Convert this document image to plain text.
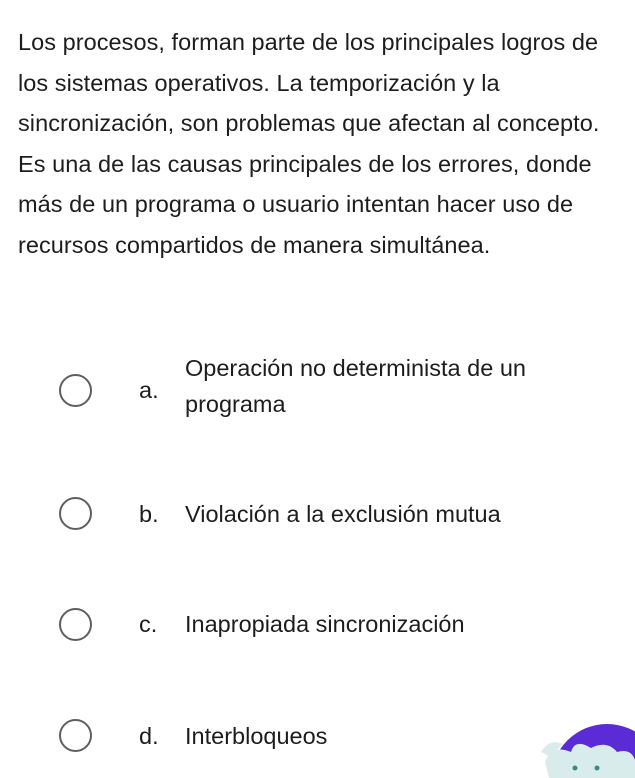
Los procesos, forman parte de los principales logros de los sistemas operativos. La temporización y la sincronización, son problemas que afectan al concepto. Es una de las causas principales de los errores, donde más de un programa o usuario intentan hacer uso de recursos compartidos de manera simultánea.

a.
Operación no determinista de un programa
b. Violación a la exclusión mutua
c. Inapropiada sincronización
d. Interbloqueos
